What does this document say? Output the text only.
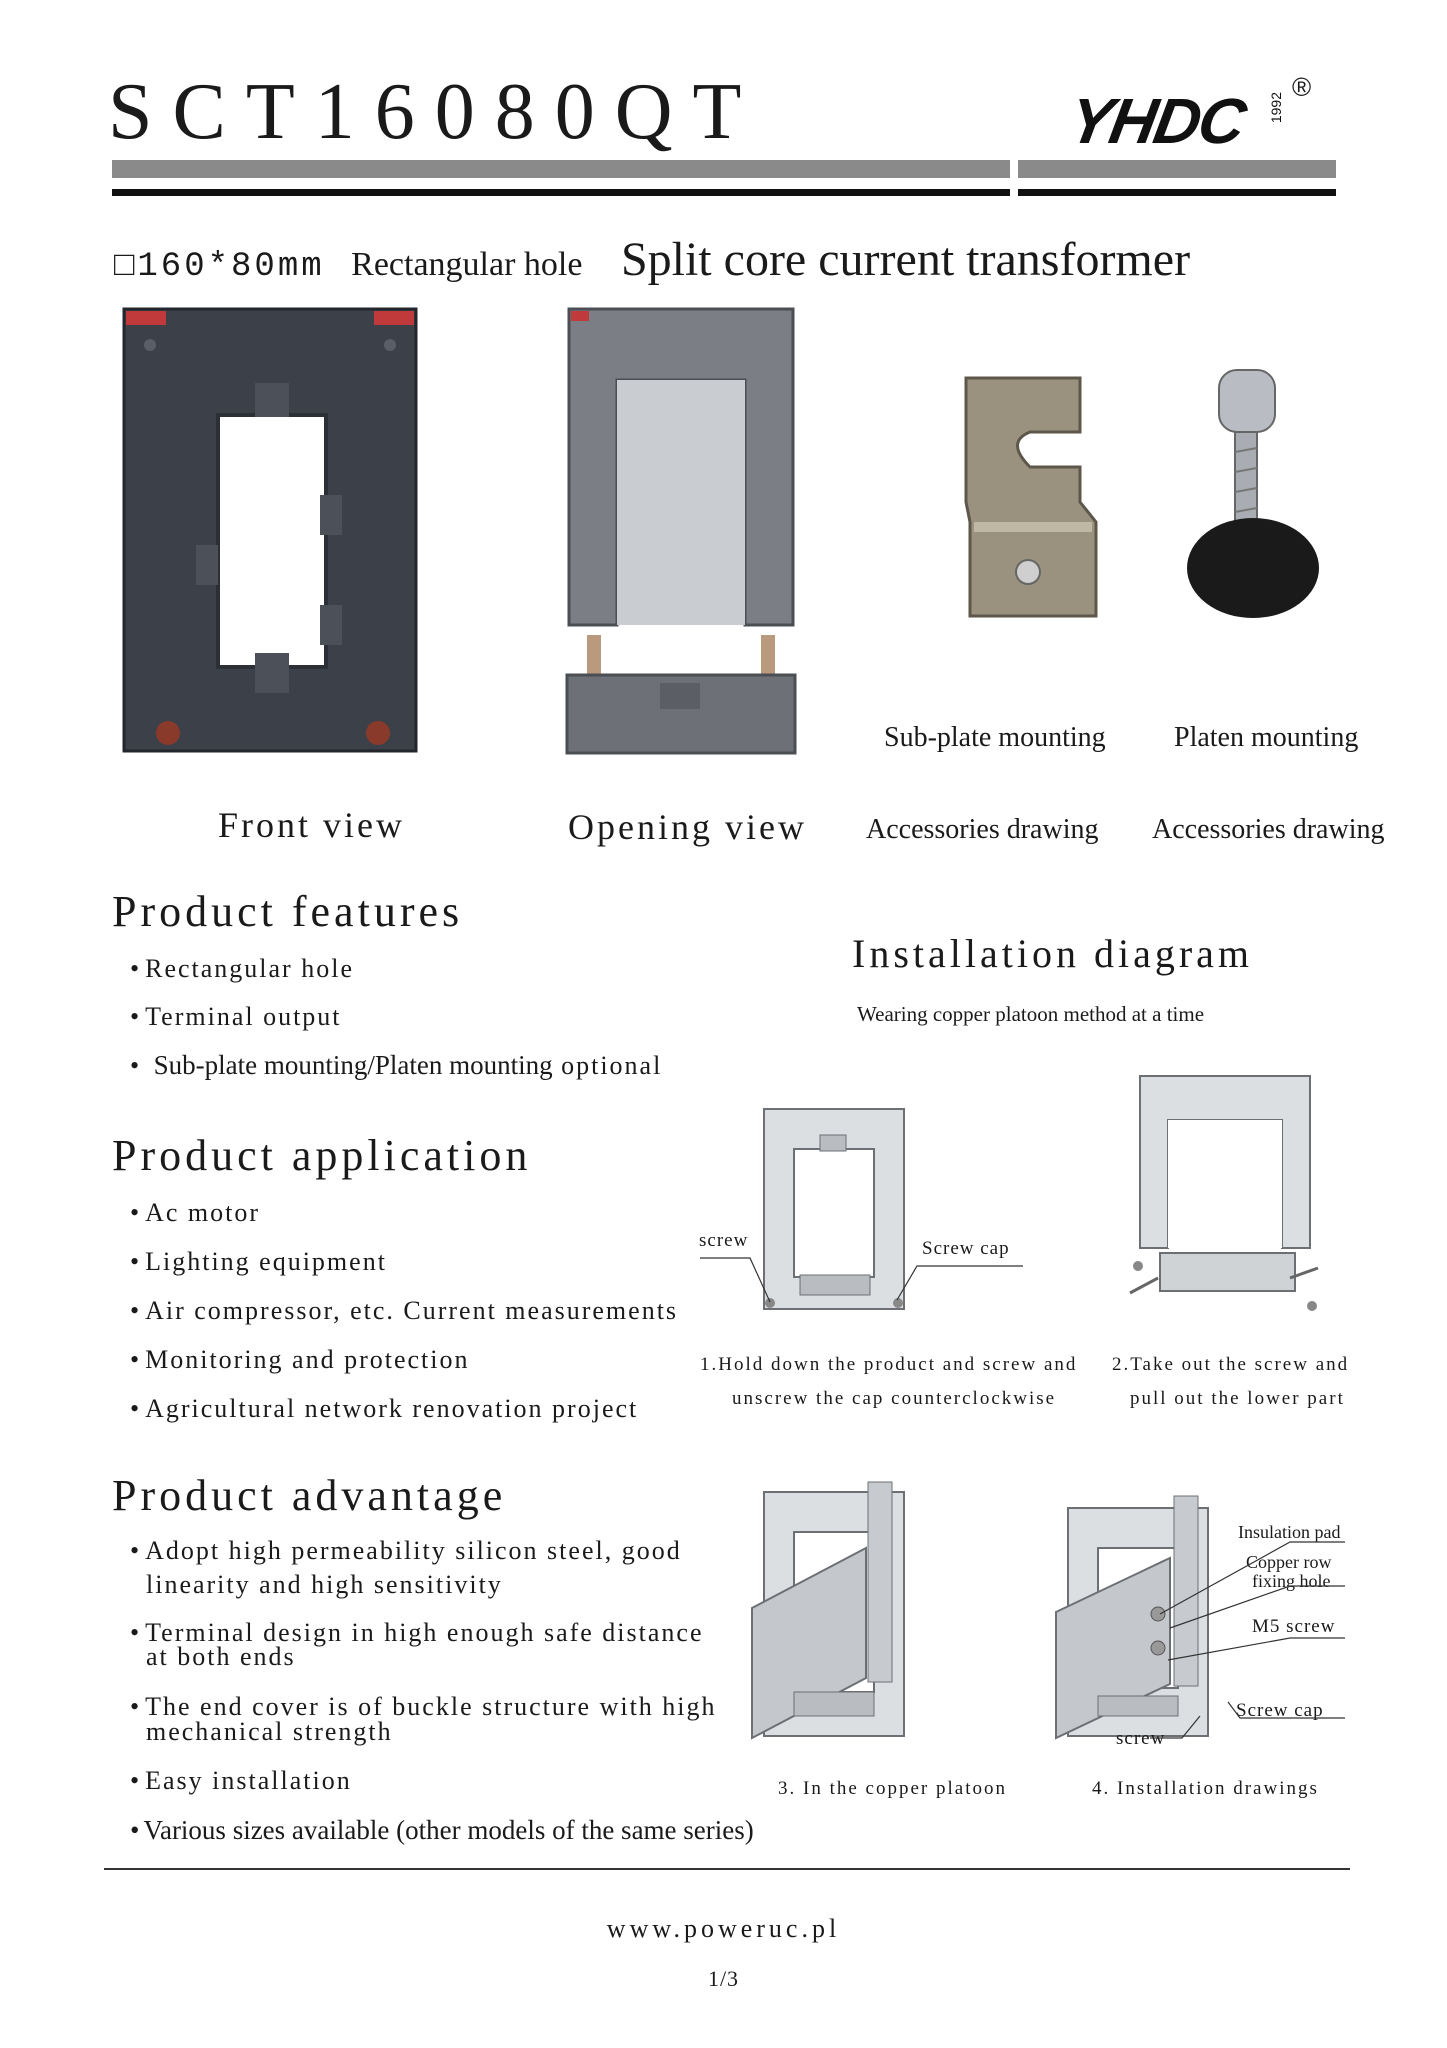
SCT16080QT	YHDC 1992
®
□160*80mm Rectangular hole Split core current transformer
Sub-plate mounting Platen mounting
Front view	Opening view Accessories drawing Accessories drawing
Product features
• Rectangular hole
• Terminal output
• Sub-plate mounting/Platen mounting optional
Installation diagram
Wearing copper platoon method at a time
Product application
• Ac motor
• Lighting equipment
• Air compressor, etc. Current measurements
• Monitoring and protection
• Agricultural network renovation project
screw	Screw cap
1.Hold down the product and screw and
unscrew the cap counterclockwise
2.Take out the screw and
pull out the lower part
Product advantage
• Adopt high permeability silicon steel, good
linearity and high sensitivity
• Terminal design in high enough safe distance
at both ends
• The end cover is of buckle structure with high
mechanical strength
• Easy installation
• Various sizes available (other models of the same series)
Insulation pad
Copper row
fixing hole
M5 screw
Screw cap
screw
3. In the copper platoon	4. Installation drawings
www.poweruc.pl
1/3
